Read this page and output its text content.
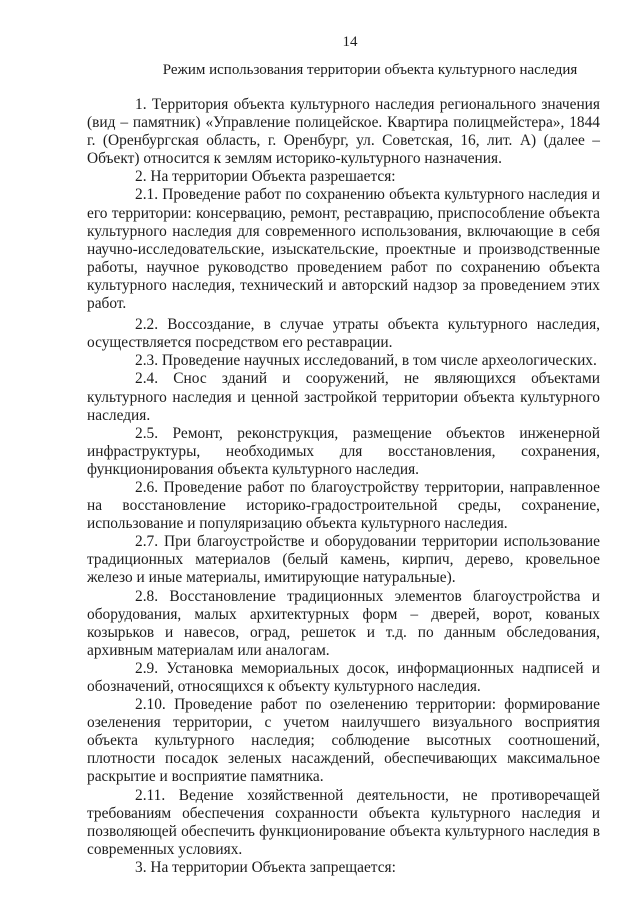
14
Режим использования территории объекта культурного наследия

1. Территория объекта культурного наследия регионального значения (вид – памятник) «Управление полицейское. Квартира полицмейстера», 1844 г. (Оренбургская область, г. Оренбург, ул. Советская, 16, лит. А) (далее – Объект) относится к землям историко-культурного назначения.

2. На территории Объекта разрешается:

2.1. Проведение работ по сохранению объекта культурного наследия и его территории: консервацию, ремонт, реставрацию, приспособление объекта культурного наследия для современного использования, включающие в себя научно-исследовательские, изыскательские, проектные и производственные работы, научное руководство проведением работ по сохранению объекта культурного наследия, технический и авторский надзор за проведением этих работ.

2.2. Воссоздание, в случае утраты объекта культурного наследия, осуществляется посредством его реставрации.

2.3. Проведение научных исследований, в том числе археологических.

2.4. Снос зданий и сооружений, не являющихся объектами культурного наследия и ценной застройкой территории объекта культурного наследия.

2.5. Ремонт, реконструкция, размещение объектов инженерной инфраструктуры, необходимых для восстановления, сохранения, функционирования объекта культурного наследия.

2.6. Проведение работ по благоустройству территории, направленное на восстановление историко-градостроительной среды, сохранение, использование и популяризацию объекта культурного наследия.

2.7. При благоустройстве и оборудовании территории использование традиционных материалов (белый камень, кирпич, дерево, кровельное железо и иные материалы, имитирующие натуральные).

2.8. Восстановление традиционных элементов благоустройства и оборудования, малых архитектурных форм – дверей, ворот, кованых козырьков и навесов, оград, решеток и т.д. по данным обследования, архивным материалам или аналогам.

2.9. Установка мемориальных досок, информационных надписей и обозначений, относящихся к объекту культурного наследия.

2.10. Проведение работ по озеленению территории: формирование озеленения территории, с учетом наилучшего визуального восприятия объекта культурного наследия; соблюдение высотных соотношений, плотности посадок зеленых насаждений, обеспечивающих максимальное раскрытие и восприятие памятника.

2.11. Ведение хозяйственной деятельности, не противоречащей требованиям обеспечения сохранности объекта культурного наследия и позволяющей обеспечить функционирование объекта культурного наследия в современных условиях.

3. На территории Объекта запрещается:
